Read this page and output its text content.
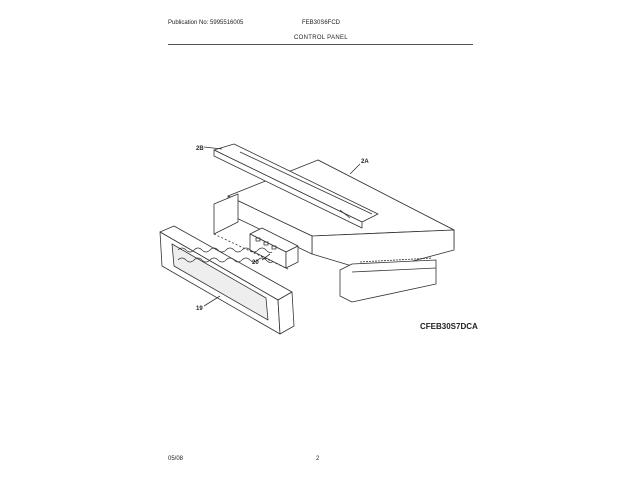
Publication No: 5995516005	FEB30S6FCD
CONTROL PANEL
2B
2A
20
19
CFEB30S7DCA
05/08	2
